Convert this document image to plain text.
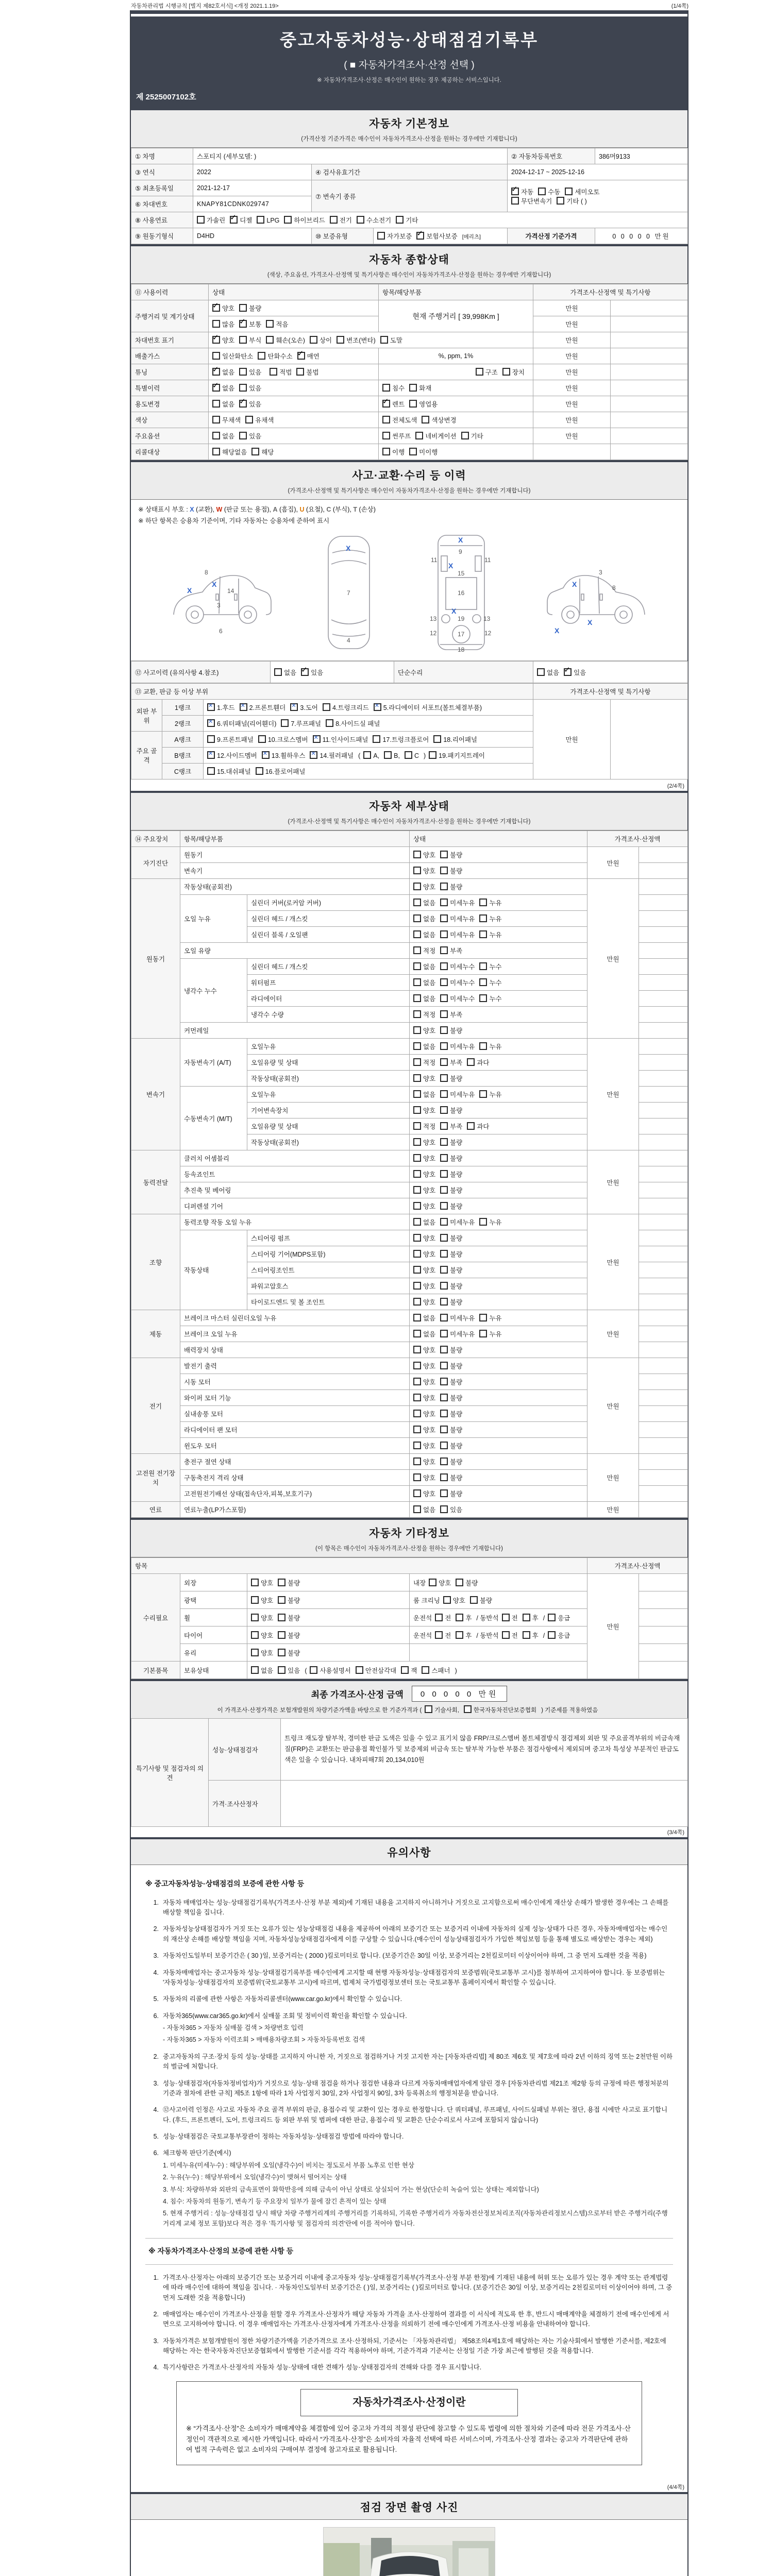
자동차관리법 시행규칙 [별지 제82호서식] <개정 2021.1.19>	(1/4쪽)
중고자동차성능·상태점검기록부
( ■ 자동차가격조사·산정 선택 )
※ 자동차가격조사·산정은 매수인이 원하는 경우 제공하는 서비스입니다.
제 2525007102호
자동차 기본정보
(가격산정 기준가격은 매수인이 자동차가격조사·산정을 원하는 경우에만 기재합니다)
① 차명	스포티지 (세부모델: )			② 자동차등록번호	386머9133
③ 연식	2022	④ 검사유효기간		2024-12-17 ~ 2025-12-16	
⑤ 최초등록일	2021-12-17	⑦ 변속기 종류	✓자동 수동 세미오토
무단변속기 기타 ( )
⑥ 차대번호	KNAPY81CDNK029747				
⑧ 사용연료	가솔린 ✓ 디젤 LPG 하이브리드 전기 수소전기 기타
⑨ 원동기형식	D4HD	⑩ 보증유형	자가보증 ✓ 보험사보증 [메리츠]	가격산정 기준가격	0 0 0 0 0 만원
자동차 종합상태
(색상, 주요옵션, 가격조사·산정액 및 특기사항은 매수인이 자동차가격조사·산정을 원하는 경우에만 기재합니다)
⑪ 사용이력	상태	항목/해당부품	가격조사·산정액 및 특기사항	
주행거리 및 계기상태	✓양호 불량	현재 주행거리 [ 39,998Km ]	만원	
	많음 ✓ 보통 적음		만원	
차대번호 표기	✓양호 부식 훼손(오손) 상이 변조(변타) 도말		만원	
배출가스	일산화탄소 탄화수소 ✓ 매연	%, ppm, 1%	만원	
튜닝	✓없음 있음 적법 불법	구조 장치	만원	
특별이력	✓없음 있음	침수 화재	만원	
용도변경	없음 ✓ 있음	✓렌트 영업용	만원	
색상	무채색 유채색	전체도색 색상변경	만원	
주요옵션	없음 있음	썬루프 네비게이션 기타	만원	
리콜대상	해당없음 해당	이행 미이행		
사고·교환·수리 등 이력
(가격조사·산정액 및 특기사항은 매수인이 자동차가격조사·산정을 원하는 경우에만 기재합니다)
※ 상태표시 부호 : X (교환), W (판금 또는 용접), A (흠집), U (요철), C (부식), T (손상)
※ 하단 항목은 승용차 기준이며, 기타 자동차는 승용차에 준하여 표시
X
X
8
14
3
6
X
7
4
X
X
X
9
11	11
15
16
13	13
19
12	12
17
18
X
X
X
3
8
⑫ 사고이력 (유의사항 4.참조)	없음 ✓ 있음	단순수리	없음 ✓ 있음
⑬ 교환, 판금 등 이상 부위			가격조사·산정액 및 특기사항	
외판 부위	1랭크	✕1.후드 ✕ 2.프론트휀더 ✕ 3.도어 4.트렁크리드 ✕ 5.라디에이터 서포트(볼트체결부품)	만원	
	2랭크	✕6.쿼터패널(리어휀더) 7.루프패널 8.사이드실 패널
주요 골격	A랭크	9.프론트패널 10.크로스멤버 ✕ 11.인사이드패널 17.트렁크플로어 18.리어패널
	B랭크	✕12.사이드멤버 ✕ 13.휠하우스 ✕ 14.필러패널 ( A, B, C ) 19.패키지트레이
	C랭크	15.대쉬패널 16.플로어패널		
(2/4쪽)
자동차 세부상태
(가격조사·산정액 및 특기사항은 매수인이 자동차가격조사·산정을 원하는 경우에만 기재합니다)
⑭ 주요장치	항목/해당부품		상태	가격조사·산정액	
자기진단	원동기		양호 불량	만원	
	변속기		양호 불량		
원동기	작동상태(공회전)		양호 불량	만원	
	오일 누유	실린더 커버(로커암 커버)	없음 미세누유 누유		
		실린더 헤드 / 개스킷	없음 미세누유 누유		
		실린더 블록 / 오일팬	없음 미세누유 누유		
	오일 유량		적정 부족		
	냉각수 누수	실린더 헤드 / 개스킷	없음 미세누수 누수		
		워터펌프	없음 미세누수 누수		
		라디에이터	없음 미세누수 누수		
		냉각수 수량	적정 부족		
	커먼레일		양호 불량		
변속기	자동변속기 (A/T)	오일누유	없음 미세누유 누유	만원	
		오일유량 및 상태	적정 부족 과다		
		작동상태(공회전)	양호 불량		
	수동변속기 (M/T)	오일누유	없음 미세누유 누유		
		기어변속장치	양호 불량		
		오일유량 및 상태	적정 부족 과다		
		작동상태(공회전)	양호 불량		
동력전달	클러치 어셈블리		양호 불량	만원	
	등속죠인트		양호 불량		
	추진축 및 베어링		양호 불량		
	디퍼렌셜 기어		양호 불량		
조향	동력조향 작동 오일 누유		없음 미세누유 누유	만원	
	작동상태	스티어링 펌프	양호 불량		
		스티어링 기어(MDPS포함)	양호 불량		
		스티어링조인트	양호 불량		
		파워고압호스	양호 불량		
		타이로드엔드 및 볼 조인트	양호 불량		
제동	브레이크 마스터 실린더오일 누유		없음 미세누유 누유	만원	
	브레이크 오일 누유		없음 미세누유 누유		
	배력장치 상태		양호 불량		
전기	발전기 출력		양호 불량	만원	
	시동 모터		양호 불량		
	와이퍼 모터 기능		양호 불량		
	실내송풍 모터		양호 불량		
	라디에이터 팬 모터		양호 불량		
	윈도우 모터		양호 불량		
고전원 전기장치	충전구 절연 상태		양호 불량	만원	
	구동축전지 격리 상태		양호 불량		
	고전원전기배선 상태(접속단자,피복,보호기구)		양호 불량		
연료	연료누출(LP가스포함)		없음 있음	만원	
자동차 기타정보
(이 항목은 매수인이 자동차가격조사·산정을 원하는 경우에만 기재합니다)
항목				가격조사·산정액	
수리필요	외장	양호 불량	내장 양호 불량	만원	
	광택	양호 불량	룸 크리닝 양호 불량		
	휠	양호 불량	운전석 전 후 / 동반석 전 후 / 응급		
	타이어	양호 불량	운전석 전 후 / 동반석 전 후 / 응급		
	유리	양호 불량			
기본품목	보유상태	없음 있음 ( 사용설명서 안전삼각대 잭 스패너 )			
최종 가격조사·산정 금액	0 0 0 0 0 만원
이 가격조사·산정가격은 보험개발원의 차량기준가액을 바탕으로 한 기준가격과 ( 기술사회, 한국자동차진단보증협회 ) 기준세를 적용하였음
특기사항 및 점검자의 의견	성능·상태점검자	트렁크 재도장 탈부착, 경미한 판금 도색은 있을 수 있고 표기치 않음 FRP/크로스멤버 볼트체결방식 점검제외 외판 및 주요골격부위의 비금속재질(FRP)은 교환또는 판금용접 확인불가 및 보증제외 비금속 또는 탈부착 가능한 부품은 점검사항에서 제외되며 중고차 특성상 부분적인 판금도색은 있을 수 있습니다. 내차피해7회 20,134,010원
	가격·조사산정자	
(3/4쪽)
유의사항
※ 중고자동차성능·상태점검의 보증에 관한 사항 등
1. 자동차 매매업자는 성능·상태점검기록부(가격조사·산정 부분 제외)에 기재된 내용을 고지하지 아니하거나 거짓으로 고지함으로써 매수인에게 재산상 손해가 발생한 경우에는 그 손해를 배상할 책임을 집니다.
2. 자동차성능상태점검자가 거짓 또는 오류가 있는 성능상태점검 내용을 제공하여 아래의 보증기간 또는 보증거리 이내에 자동차의 실제 성능·상태가 다른 경우, 자동차매매업자는 매수인의 재산상 손해를 배상할 책임을 지며, 자동차성능상태점검자에게 이를 구상할 수 있습니다.(매수인이 성능상태점검자가 가입한 책임보험 등을 통해 별도로 배상받는 경우는 제외)
3. 자동차인도일부터 보증기간은 ( 30 )일, 보증거리는 ( 2000 )킬로미터로 합니다. (보증기간은 30일 이상, 보증거리는 2천킬로미터 이상이어야 하며, 그 중 먼저 도래한 것을 적용)
4. 자동차매매업자는 중고자동차 성능·상태점검기록부를 매수인에게 고지할 때 현행 자동차성능·상태점검자의 보증범위(국토교통부 고시)를 첨부하여 고지하여야 합니다. 동 보증범위는 '자동차성능·상태점검자의 보증범위'(국토교통부 고시)에 따르며, 법제처 국가법령정보센터 또는 국토교통부 홈페이지에서 확인할 수 있습니다.
5. 자동차의 리콜에 관한 사항은 자동차리콜센터(www.car.go.kr)에서 확인할 수 있습니다.
6. 자동차365(www.car365.go.kr)에서 실매물 조회 및 정비이력 확인을 확인할 수 있습니다.
- 자동차365 > 자동차 실매물 검색 > 차량번호 입력
- 자동차365 > 자동차 이력조회 > 매매용차량조회 > 자동차등록번호 검색
2. 중고자동차의 구조·장치 등의 성능·상태를 고지하지 아니한 자, 거짓으로 점검하거나 거짓 고지한 자는 [자동차관리법] 제 80조 제6호 및 제7호에 따라 2년 이하의 징역 또는 2천만원 이하의 벌금에 처합니다.
3. 성능·상태점검자(자동차정비업자)가 거짓으로 성능·상태 점검을 하거나 점검한 내용과 다르게 자동차매매업자에게 알린 경우 [자동차관리법 제21조 제2항 등의 규정에 따른 행정처분의 기준과 절차에 관한 규칙] 제5조 1항에 따라 1차 사업정지 30일, 2차 사업정지 90일, 3차 등록취소의 행정처분을 받습니다.
4. ⑫사고이력 인정은 사고로 자동차 주요 골격 부위의 판금, 용접수리 및 교환이 있는 경우로 한정합니다. 단 쿼터패널, 루프패널, 사이드실패널 부위는 절단, 용접 시에만 사고로 표기합니다. (후드, 프론트펜더, 도어, 트렁크리드 등 외판 부위 및 범퍼에 대한 판금, 용접수리 및 교환은 단순수리로서 사고에 포함되지 않습니다)
5. 성능·상태점검은 국토교통부장관이 정하는 자동차성능·상태점검 방법에 따라야 합니다.
6. 체크항목 판단기준(예시)
1. 미세누유(미세누수) : 해당부위에 오일(냉각수)이 비치는 정도로서 부품 노후로 인한 현상
2. 누유(누수) : 해당부위에서 오일(냉각수)이 맺혀서 떨어지는 상태
3. 부식: 차량하부와 외판의 금속표면이 화학반응에 의해 금속이 아닌 상태로 상실되어 가는 현상(단순히 녹슬어 있는 상태는 제외합니다)
4. 침수: 자동차의 원동기, 변속기 등 주요장치 일부가 물에 잠긴 흔적이 있는 상태
5. 현재 주행거리 : 성능·상태점검 당시 해당 차량 주행거리계의 주행거리를 기록하되, 기록한 주행거리가 자동차전산정보처리조직(자동차관리정보시스템)으로부터 받은 주행거리(주행거리계 교체 정보 포함)보다 적은 경우 '특기사항 및 점검자의 의견'란에 이를 적어야 합니다.
※ 자동차가격조사·산정의 보증에 관한 사항 등
1. 가격조사·산정자는 아래의 보증기간 또는 보증거리 이내에 중고자동차 성능·상태점검기록부(가격조사·산정 부분 한정)에 기재된 내용에 허위 또는 오류가 있는 경우 계약 또는 관계법령에 따라 매수인에 대하여 책임을 집니다. · 자동차인도일부터 보증기간은 ( )일, 보증거리는 ( )킬로미터로 합니다. (보증기간은 30일 이상, 보증거리는 2천킬로미터 이상이어야 하며, 그 중 먼저 도래한 것을 적용합니다)
2. 매매업자는 매수인이 가격조사·산정을 원할 경우 가격조사·산정자가 해당 자동차 가격을 조사·산정하여 결과를 이 서식에 적도록 한 후, 반드시 매매계약을 체결하기 전에 매수인에게 서면으로 고지하여야 합니다. 이 경우 매매업자는 가격조사·산정자에게 가격조사·산정을 의뢰하기 전에 매수인에게 가격조사·산정 비용을 안내하여야 합니다.
3. 자동차가격은 보험개발원이 정한 차량기준가액을 기준가격으로 조사·산정하되, 기준서는 「자동차관리법」 제58조의4제1호에 해당하는 자는 기술사회에서 발행한 기준서를, 제2호에 해당하는 자는 한국자동차진단보증협회에서 발행한 기준서를 각각 적용하여야 하며, 기준가격과 기준서는 산정일 기준 가장 최근에 발행된 것을 적용합니다.
4. 특기사항란은 가격조사·산정자의 자동차 성능·상태에 대한 견해가 성능·상태점검자의 견해와 다를 경우 표시합니다.
자동차가격조사·산정이란
※ “가격조사·산정”은 소비자가 매매계약을 체결함에 있어 중고차 가격의 적절성 판단에 참고할 수 있도록 법령에 의한 절차와 기준에 따라 전문 가격조사·산정인이 객관적으로 제시한 가액입니다. 따라서 “가격조사·산정”은 소비자의 자율적 선택에 따른 서비스이며, 가격조사·산정 결과는 중고차 가격판단에 관하여 법적 구속력은 없고 소비자의 구매여부 결정에 참고자료로 활용됩니다.
(4/4쪽)
점검 장면 촬영 사진
